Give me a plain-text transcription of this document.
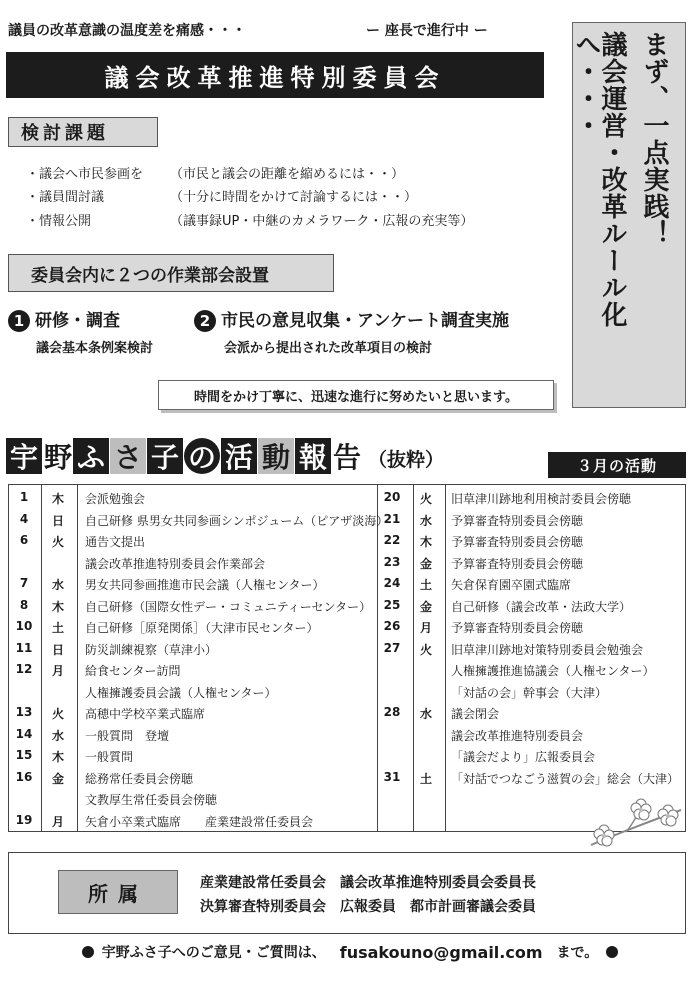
議員の改革意識の温度差を痛感・・・	ー 座長で進行中 ー
議会改革推進特別委員会
検討課題
・議会へ市民参画を	（市民と議会の距離を縮めるには・・）
・議員間討議	（十分に時間をかけて討論するには・・）
・情報公開	（議事録UP・中継のカメラワーク・広報の充実等）
委員会内に２つの作業部会設置
1 研修・調査
議会基本条例案検討
2 市民の意見収集・アンケート調査実施
会派から提出された改革項目の検討
時間をかけ丁寧に、迅速な進行に努めたいと思います。
まず、一点実践！
議会運営・改革ルール化へ・・・
宇 野 ふ さ 子 の 活 動 報 告 （抜粋）	３月の活動
1	木	会派勉強会
4	日	自己研修 県男女共同参画シンポジューム（ピアザ淡海）
6	火	通告文提出
議会改革推進特別委員会作業部会
7	水	男女共同参画推進市民会議（人権センター）
8	木	自己研修（国際女性デー・コミュニティーセンター）
10	土	自己研修［原発関係］（大津市民センター）
11	日	防災訓練視察（草津小）
12	月	給食センター訪問
人権擁護委員会議（人権センター）
13	火	高穂中学校卒業式臨席
14	水	一般質問　登壇
15	木	一般質問
16	金	総務常任委員会傍聴
文教厚生常任委員会傍聴
19	月	矢倉小卒業式臨席　　産業建設常任委員会
20	火	旧草津川跡地利用検討委員会傍聴
21	水	予算審査特別委員会傍聴
22	木	予算審査特別委員会傍聴
23	金	予算審査特別委員会傍聴
24	土	矢倉保育園卒園式臨席
25	金	自己研修（議会改革・法政大学）
26	月	予算審査特別委員会傍聴
27	火	旧草津川跡地対策特別委員会勉強会
人権擁護推進協議会（人権センター）
「対話の会」幹事会（大津）
28	水	議会閉会
議会改革推進特別委員会
「議会だより」広報委員会
31	土	「対話でつなごう滋賀の会」総会（大津）
所属	産業建設常任委員会　議会改革推進特別委員会委員長
決算審査特別委員会　広報委員　都市計画審議会委員
宇野ふさ子へのご意見・ご質問は、 fusakouno@gmail.com まで。
